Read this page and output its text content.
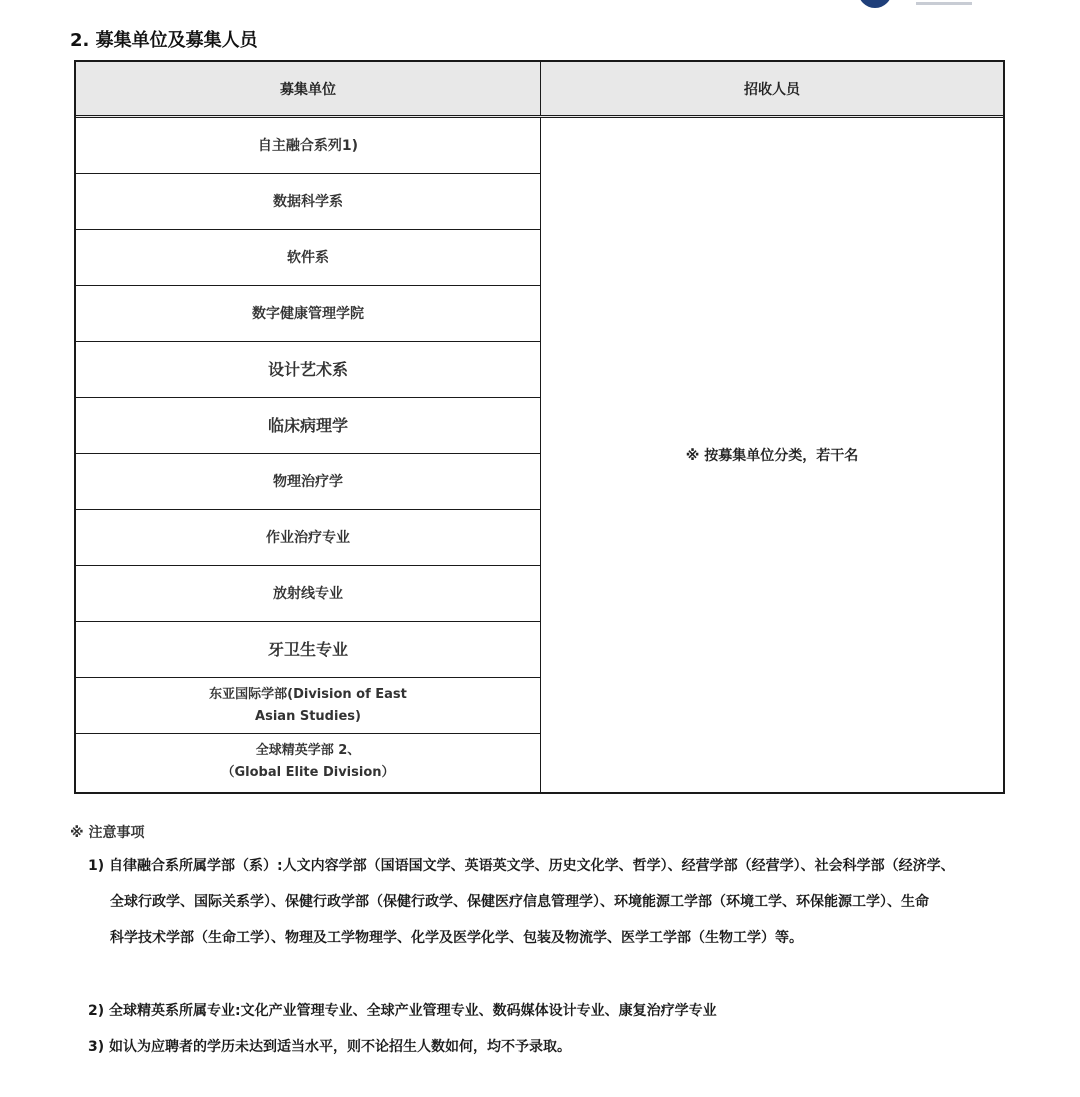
2. 募集单位及募集人员
募集单位	招收人员
自主融合系列1)
数据科学系
软件系
数字健康管理学院
设计艺术系
临床病理学
物理治疗学
作业治疗专业
放射线专业
牙卫生专业
东亚国际学部(Division of East
Asian Studies)
全球精英学部 2、
（Global Elite Division）
※ 按募集单位分类，若干名
※ 注意事项
1) 自律融合系所属学部（系）:人文内容学部（国语国文学、英语英文学、历史文化学、哲学）、经营学部（经营学）、社会科学部（经济学、
全球行政学、国际关系学）、保健行政学部（保健行政学、保健医疗信息管理学）、环境能源工学部（环境工学、环保能源工学）、生命
科学技术学部（生命工学）、物理及工学物理学、化学及医学化学、包装及物流学、医学工学部（生物工学）等。
2) 全球精英系所属专业:文化产业管理专业、全球产业管理专业、数码媒体设计专业、康复治疗学专业
3) 如认为应聘者的学历未达到适当水平，则不论招生人数如何，均不予录取。
